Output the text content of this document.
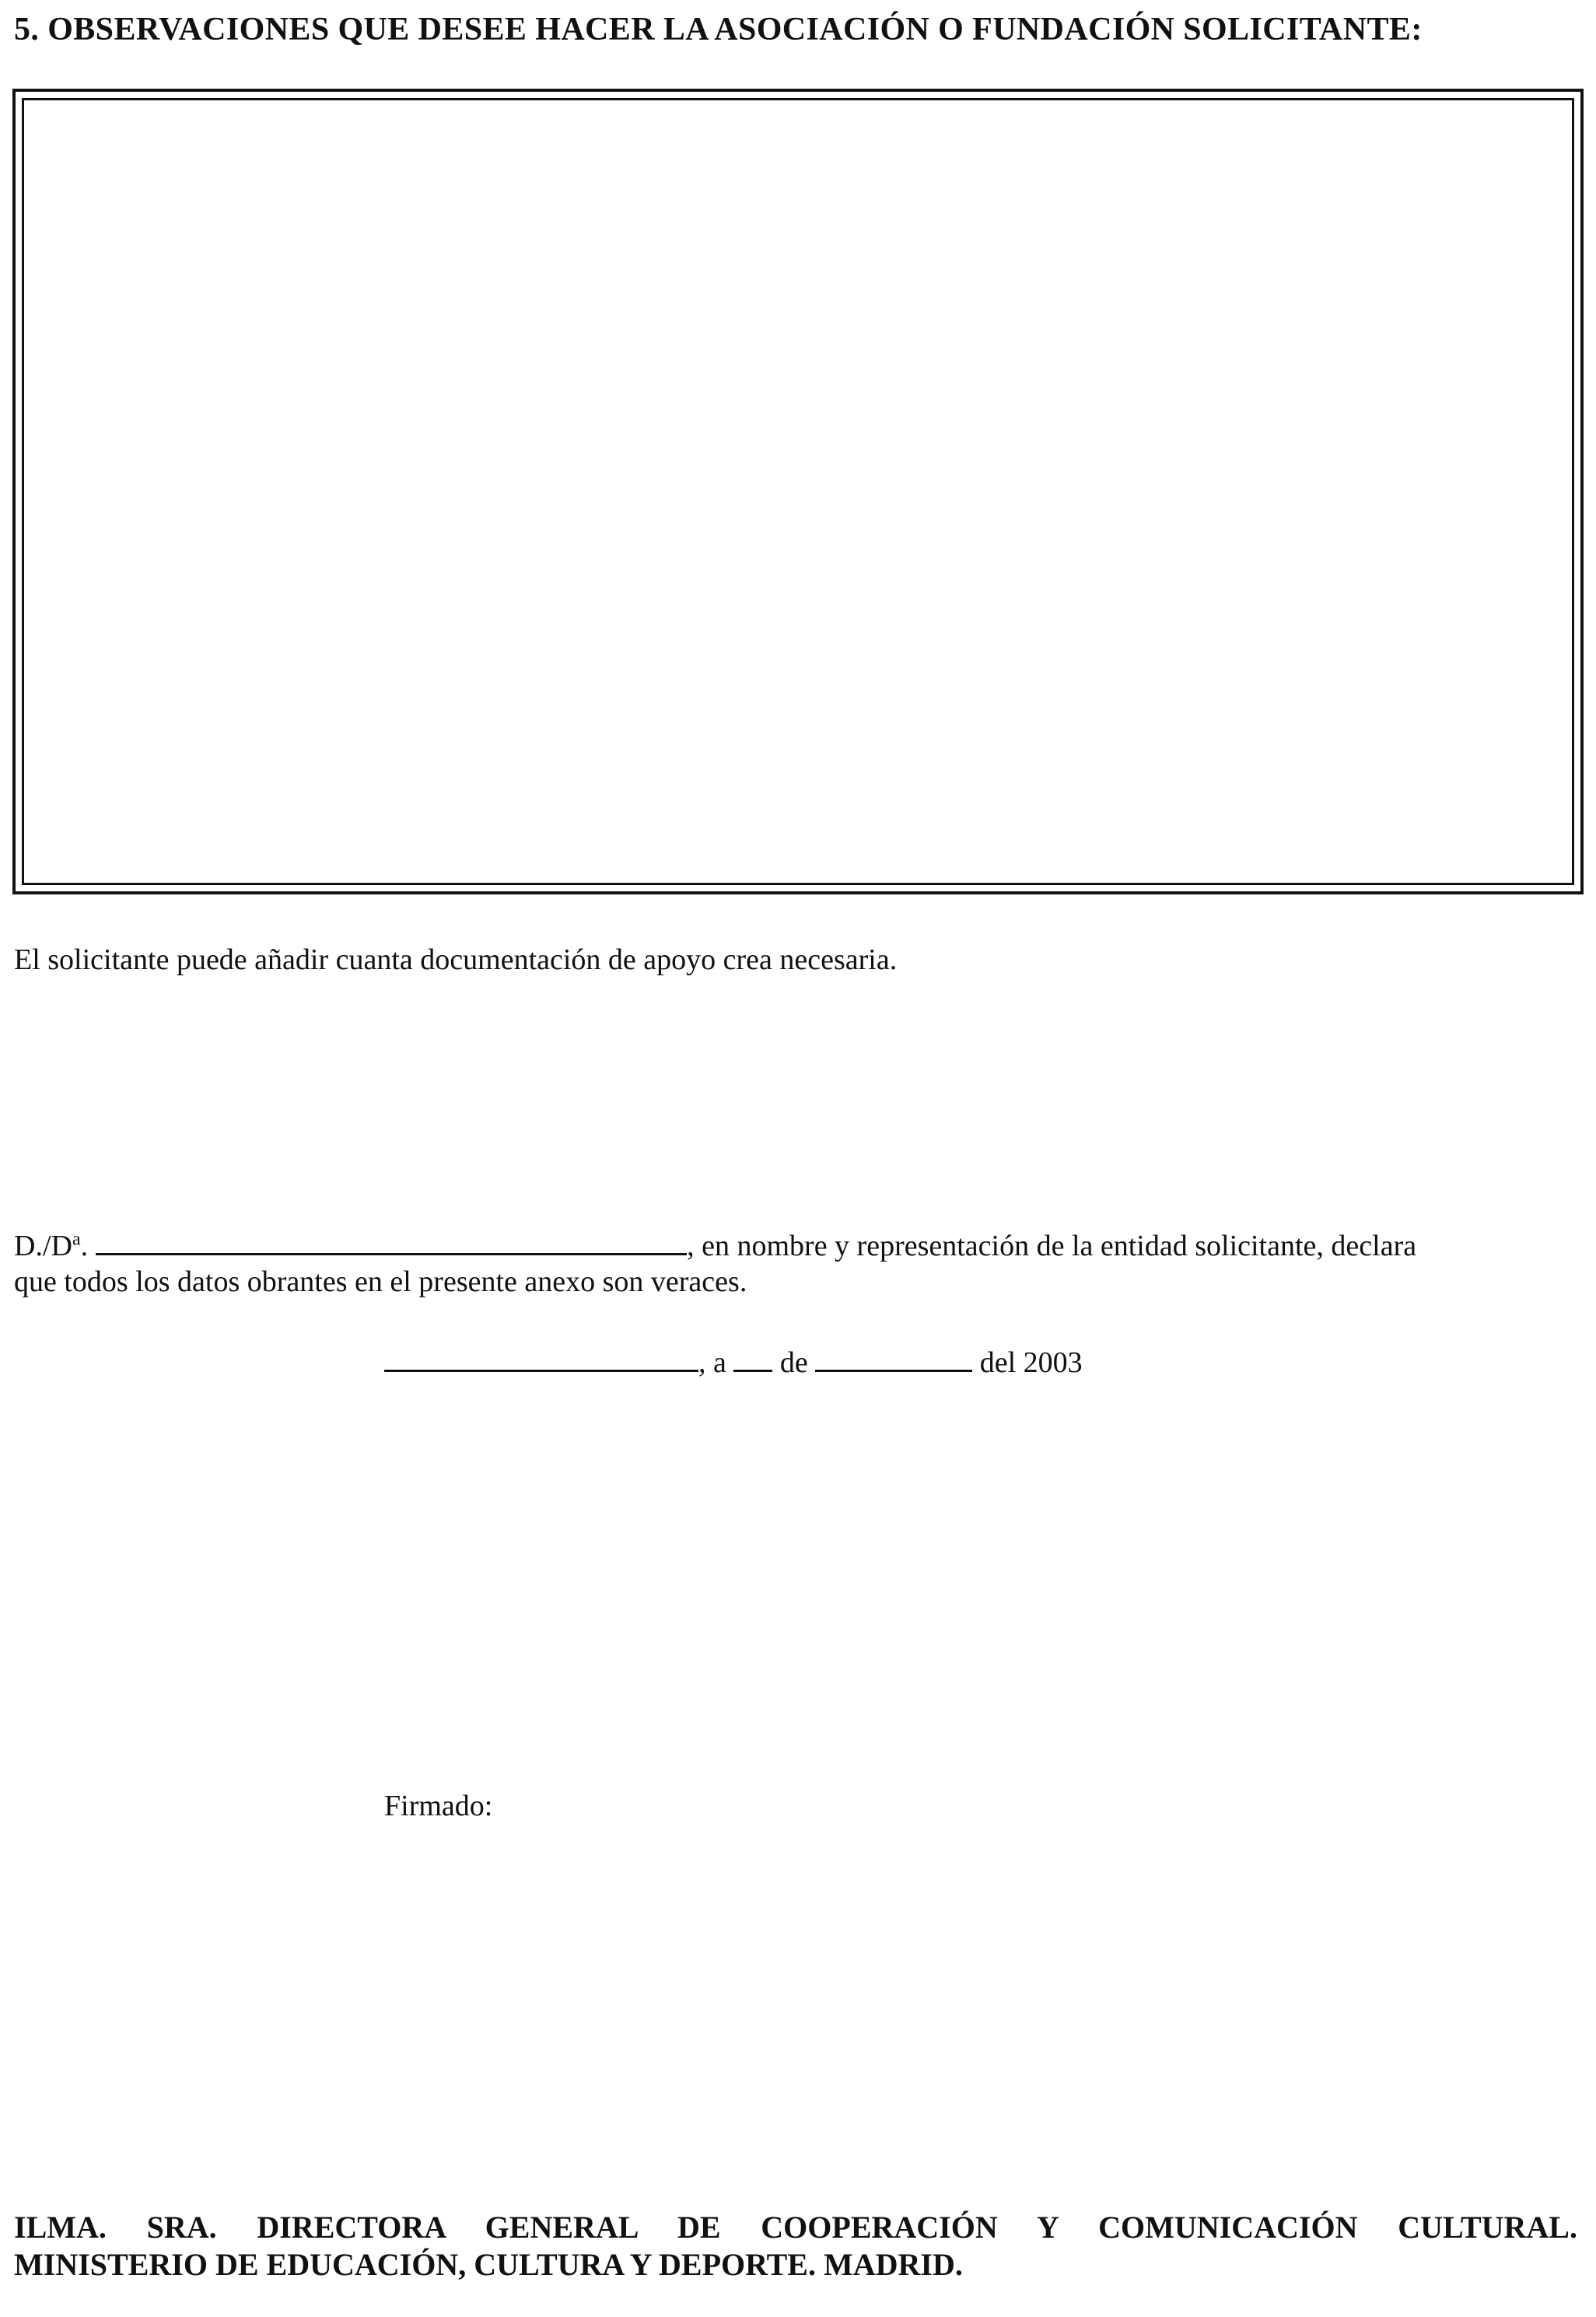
5. OBSERVACIONES QUE DESEE HACER LA ASOCIACIÓN O FUNDACIÓN SOLICITANTE:
El solicitante puede añadir cuanta documentación de apoyo crea necesaria.
$D./D^a$.	, en nombre y representación de la entidad solicitante, declara
que todos los datos obrantes en el presente anexo son veraces.
, a de	del 2003
Firmado:
ILMA. SRA. DIRECTORA GENERAL DE COOPERACIÓN Y COMUNICACIÓN CULTURAL.
MINISTERIO DE EDUCACIÓN, CULTURA Y DEPORTE. MADRID.
